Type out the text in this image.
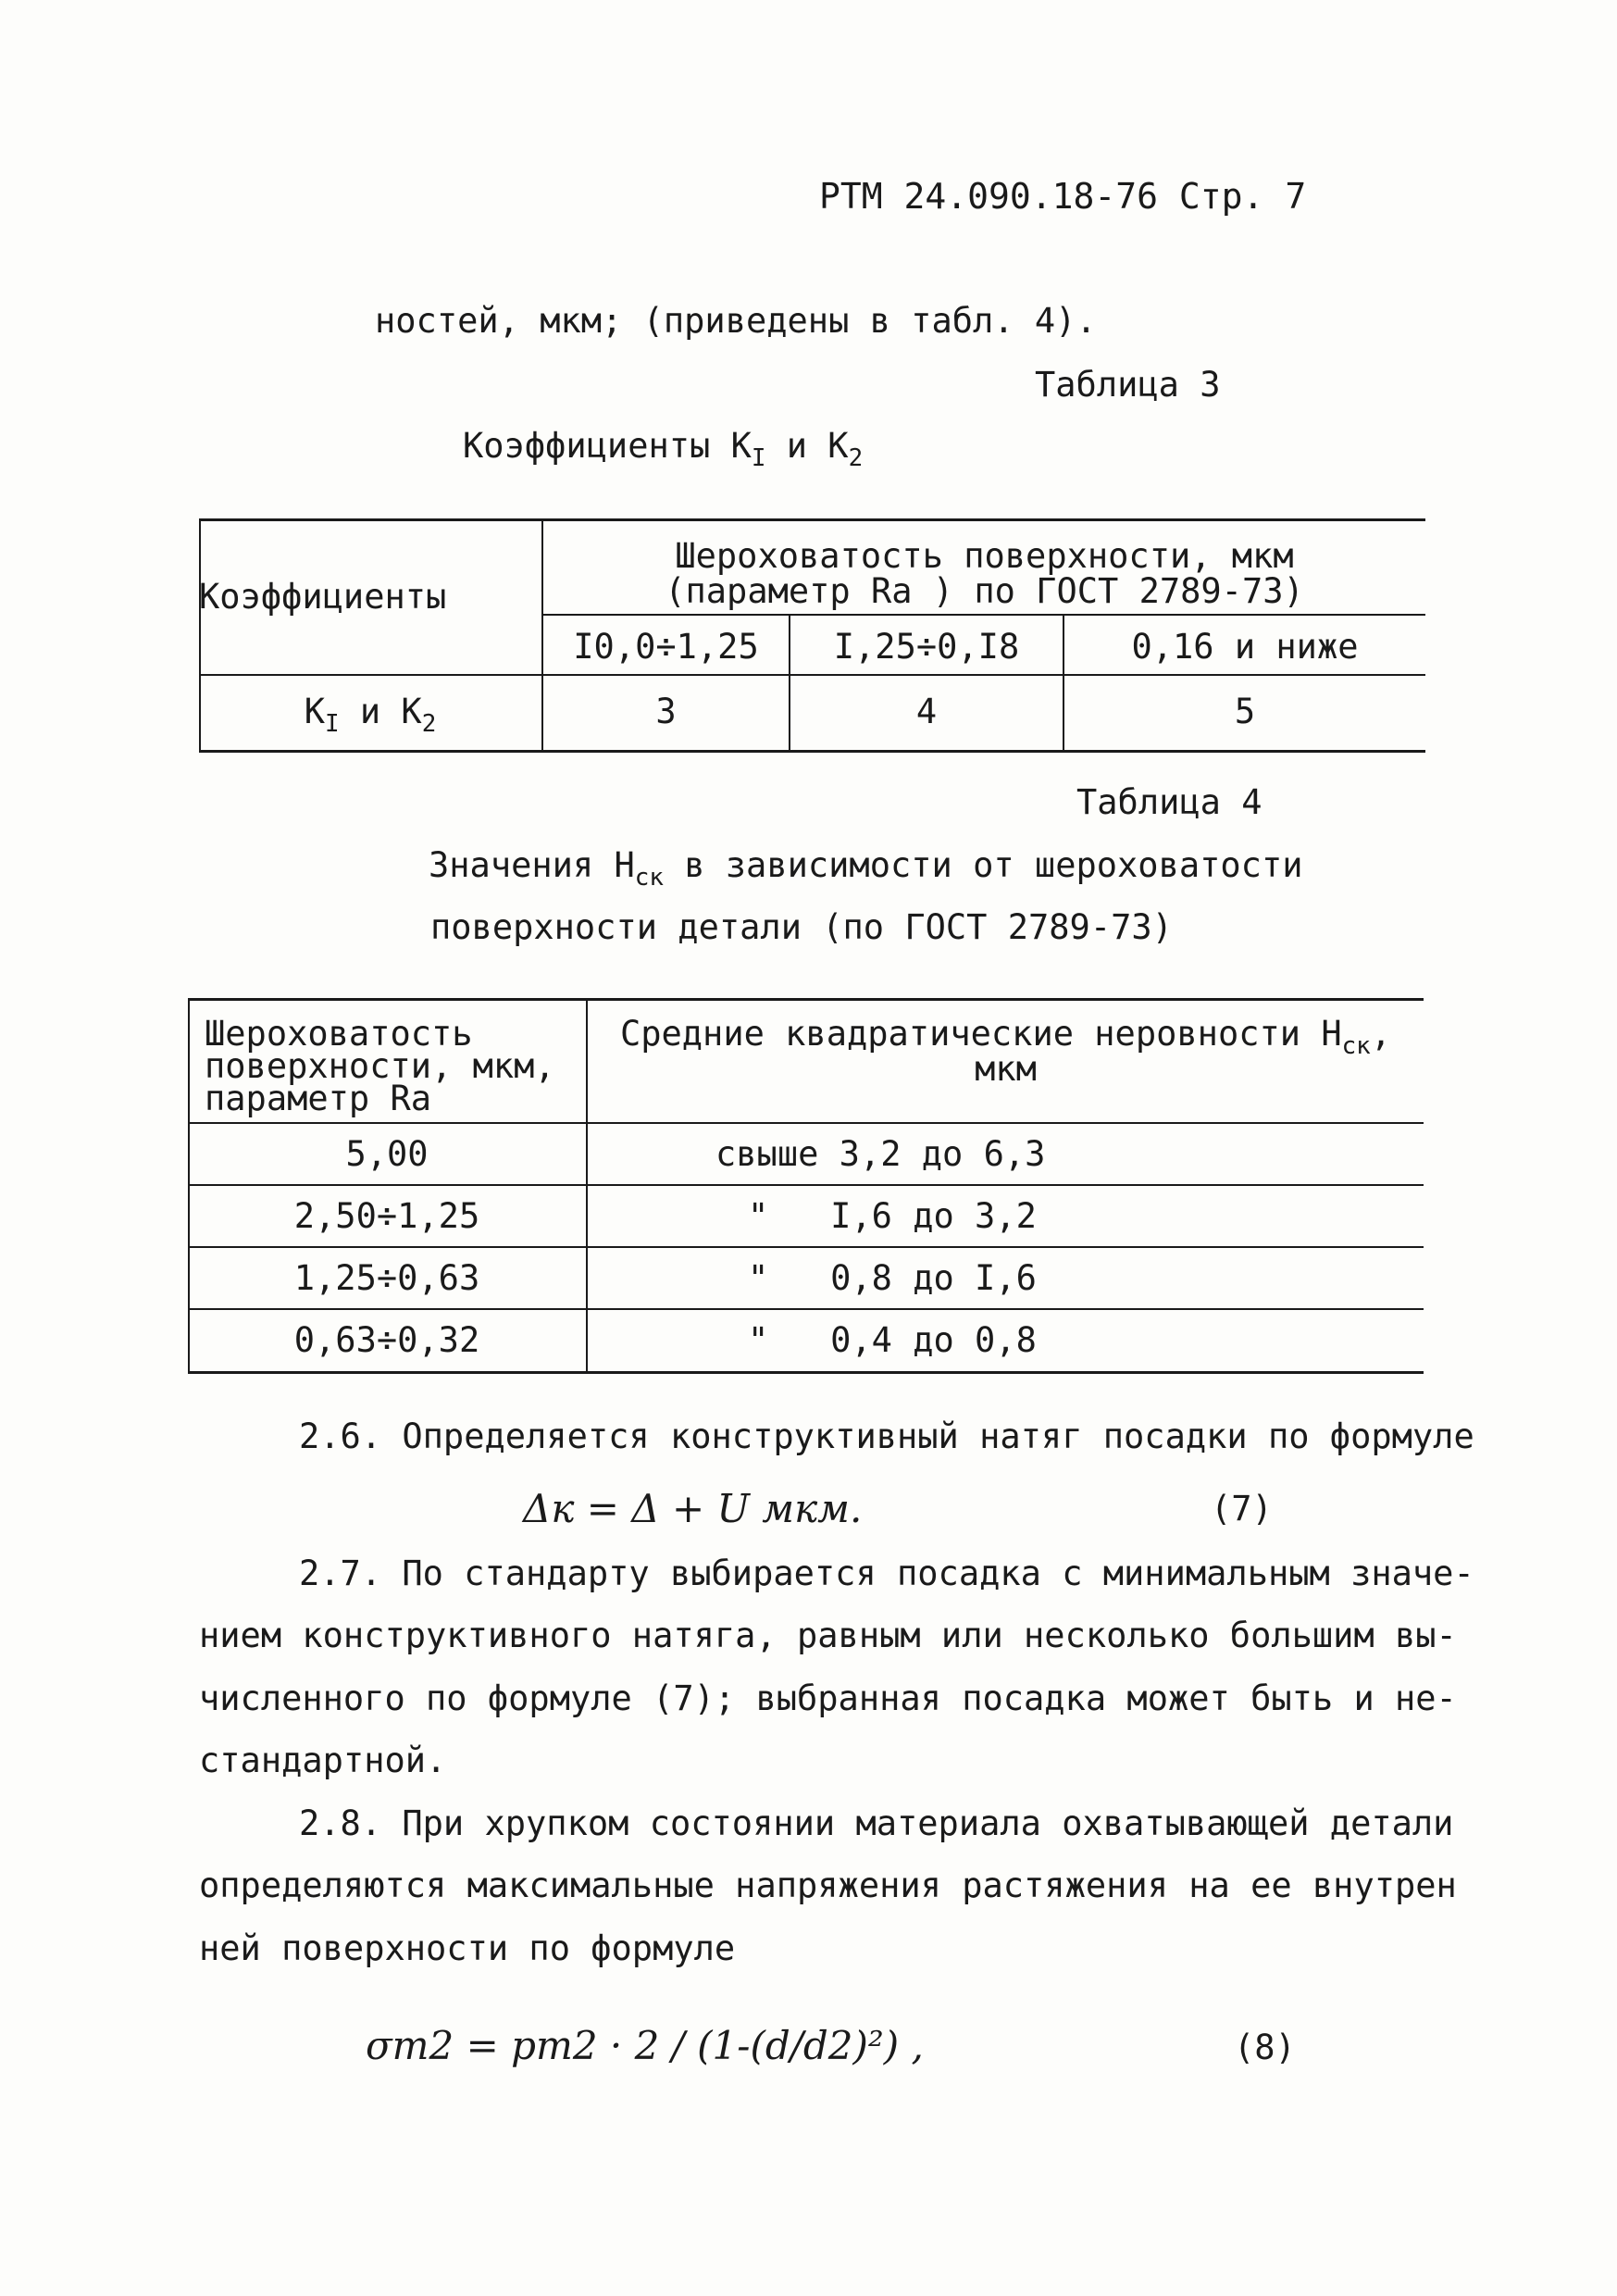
РТМ 24.090.18-76 Стр. 7
ностей, мкм; (приведены в табл. 4).
Таблица 3
Коэффициенты $К_I$ и $К_2$
Коэффициенты
Шероховатость поверхности, мкм
(параметр Ra ) по ГОСТ 2789-73)
I0,0÷1,25	I,25÷0,I8	0,16 и ниже
$К_I$ и $К_2$	3	4	5
Таблица 4
Значения $Н_{ск}$ в зависимости от шероховатости
поверхности детали (по ГОСТ 2789-73)
Шероховатость
поверхности, мкм,
параметр Ra
Средние квадратические неровности $Н_{ск}$,
мкм
5,00	свыше 3,2 до 6,3
2,50÷1,25	"   I,6 до 3,2
1,25÷0,63	"   0,8 до I,6
0,63÷0,32	"   0,4 до 0,8
2.6. Определяется конструктивный натяг посадки по формуле
Δк = Δ + U мкм.	(7)
2.7. По стандарту выбирается посадка с минимальным значе-
нием конструктивного натяга, равным или несколько большим вы-
численного по формуле (7); выбранная посадка может быть и не-
стандартной.
2.8. При хрупком состоянии материала охватывающей детали
определяются максимальные напряжения растяжения на ее внутрен
ней поверхности по формуле
σт2 = pт2 · 2 / (1-(d/d2)²) ,	(8)
